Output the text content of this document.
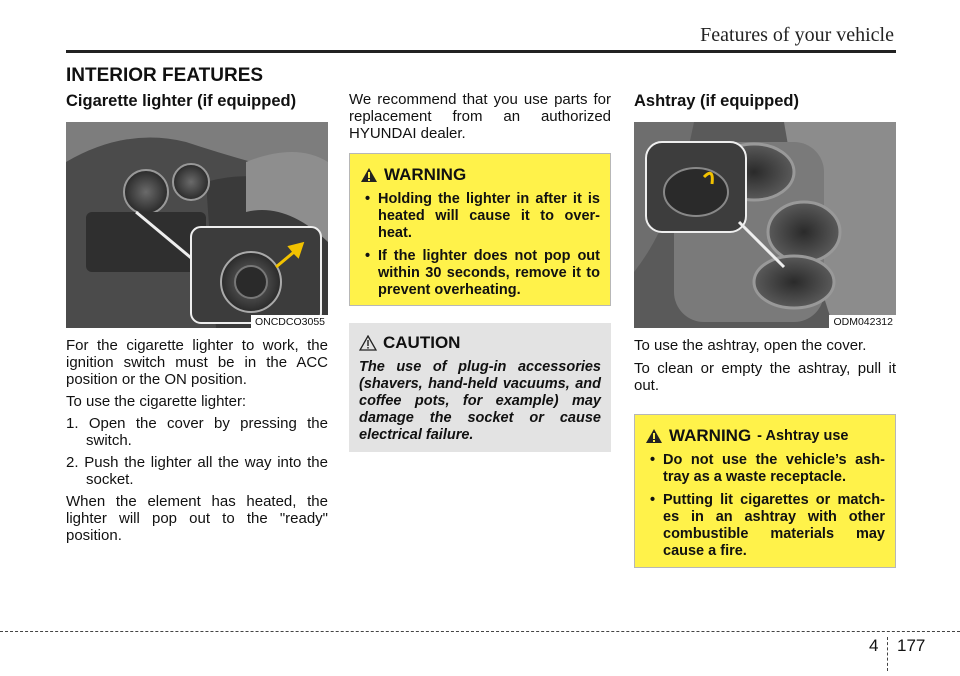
Features of your vehicle
INTERIOR FEATURES
Cigarette lighter (if equipped)
ONCDCO3055

For the cigarette lighter to work, the ignition switch must be in the ACC position or the ON position.

To use the cigarette lighter:

1. Open the cover by pressing the switch.
2. Push the lighter all the way into the socket.

When the element has heated, the lighter will pop out to the "ready" position.

We recommend that you use parts for replacement from an authorized HYUNDAI dealer.

WARNING
• Holding the lighter in after it is heated will cause it to over-heat.
• If the lighter does not pop out within 30 seconds, remove it to prevent overheating.
CAUTION

The use of plug-in accessories (shavers, hand-held vacuums, and coffee pots, for example) may damage the socket or cause electrical failure.

Ashtray (if equipped)
ODM042312

To use the ashtray, open the cover.

To clean or empty the ashtray, pull it out.

WARNING - Ashtray use
• Do not use the vehicle’s ash-tray as a waste receptacle.
• Putting lit cigarettes or match-es in an ashtray with other combustible materials may cause a fire.
4 177
